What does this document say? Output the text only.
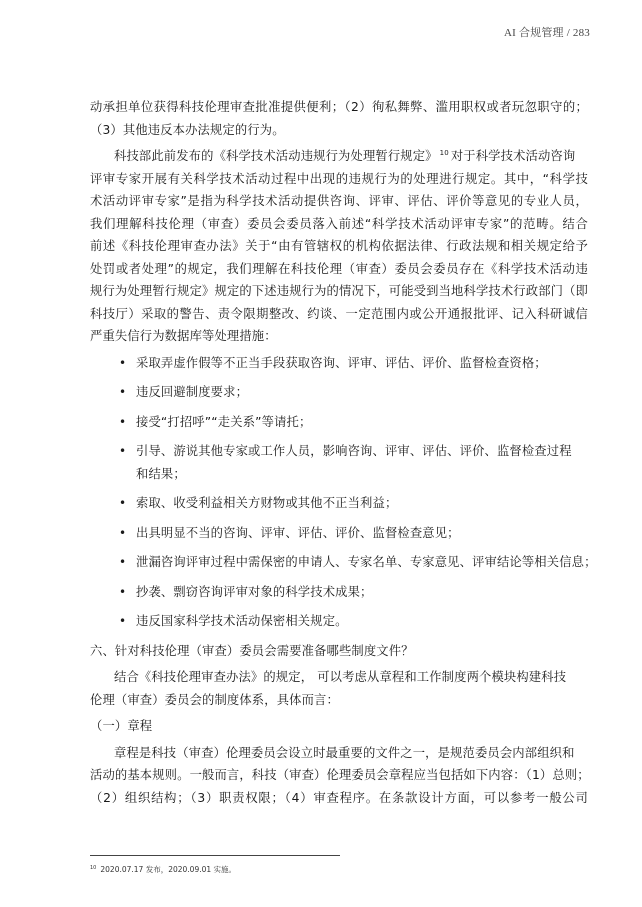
AI 合规管理 / 283
动承担单位获得科技伦理审查批准提供便利；（2）徇私舞弊、滥用职权或者玩忽职守的；
（3）其他违反本办法规定的行为。
科技部此前发布的《科学技术活动违规行为处理暂行规定》 $^{10}$ 对于科学技术活动咨询
评审专家开展有关科学技术活动过程中出现的违规行为的处理进行规定。其中，“科学技
术活动评审专家”是指为科学技术活动提供咨询、评审、评估、评价等意见的专业人员，
我们理解科技伦理（审查）委员会委员落入前述“科学技术活动评审专家”的范畴。结合
前述《科技伦理审查办法》关于“由有管辖权的机构依据法律、行政法规和相关规定给予
处罚或者处理”的规定，我们理解在科技伦理（审查）委员会委员存在《科学技术活动违
规行为处理暂行规定》规定的下述违规行为的情况下，可能受到当地科学技术行政部门（即
科技厅）采取的警告、责令限期整改、约谈、一定范围内或公开通报批评、记入科研诚信
严重失信行为数据库等处理措施：
• 采取弄虚作假等不正当手段获取咨询、评审、评估、评价、监督检查资格；
• 违反回避制度要求；
• 接受“打招呼”“走关系”等请托；
• 引导、游说其他专家或工作人员，影响咨询、评审、评估、评价、监督检查过程
和结果；
• 索取、收受利益相关方财物或其他不正当利益；
• 出具明显不当的咨询、评审、评估、评价、监督检查意见；
• 泄漏咨询评审过程中需保密的申请人、专家名单、专家意见、评审结论等相关信息；
• 抄袭、剽窃咨询评审对象的科学技术成果；
• 违反国家科学技术活动保密相关规定。
六、针对科技伦理（审查）委员会需要准备哪些制度文件？
结合《科技伦理审查办法》的规定， 可以考虑从章程和工作制度两个模块构建科技
伦理（审查）委员会的制度体系，具体而言：
（一）章程
章程是科技（审查）伦理委员会设立时最重要的文件之一，是规范委员会内部组织和
活动的基本规则。一般而言，科技（审查）伦理委员会章程应当包括如下内容：（1）总则；
（2）组织结构；（3）职责权限；（4）审查程序。在条款设计方面，可以参考一般公司
$^{10}$ 2020.07.17 发布，2020.09.01 实施。
